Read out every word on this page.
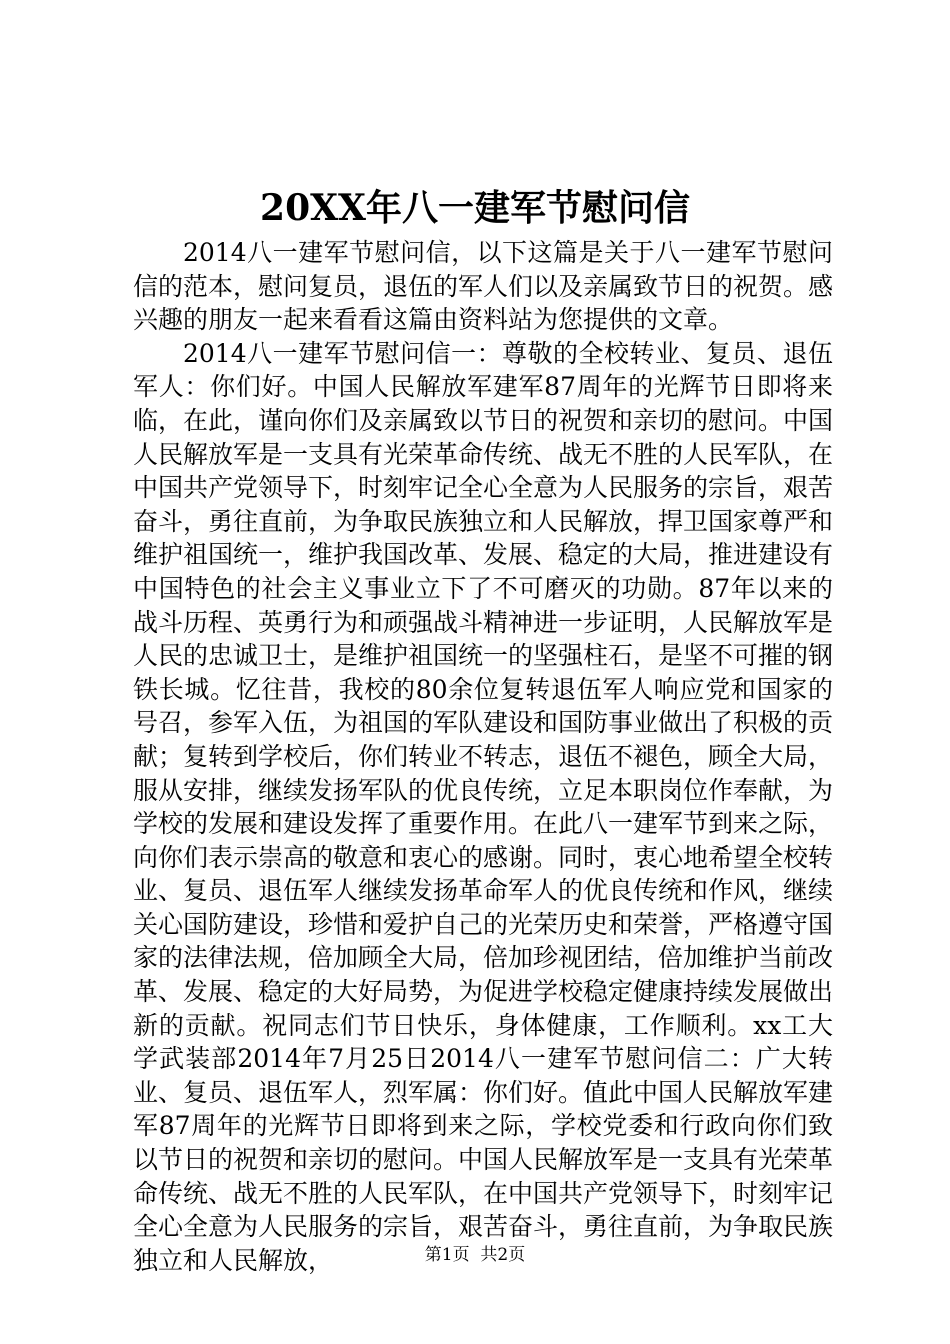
20XX年八一建军节慰问信

2014八一建军节慰问信，以下这篇是关于八一建军节慰问信的范本，慰问复员，退伍的军人们以及亲属致节日的祝贺。感兴趣的朋友一起来看看这篇由资料站为您提供的文章。

2014八一建军节慰问信一：尊敬的全校转业、复员、退伍军人：你们好。中国人民解放军建军87周年的光辉节日即将来临，在此，谨向你们及亲属致以节日的祝贺和亲切的慰问。中国人民解放军是一支具有光荣革命传统、战无不胜的人民军队，在中国共产党领导下，时刻牢记全心全意为人民服务的宗旨，艰苦奋斗，勇往直前，为争取民族独立和人民解放，捍卫国家尊严和维护祖国统一，维护我国改革、发展、稳定的大局，推进建设有中国特色的社会主义事业立下了不可磨灭的功勋。87年以来的战斗历程、英勇行为和顽强战斗精神进一步证明，人民解放军是人民的忠诚卫士，是维护祖国统一的坚强柱石，是坚不可摧的钢铁长城。忆往昔，我校的80余位复转退伍军人响应党和国家的号召，参军入伍，为祖国的军队建设和国防事业做出了积极的贡献；复转到学校后，你们转业不转志，退伍不褪色，顾全大局，服从安排，继续发扬军队的优良传统，立足本职岗位作奉献，为学校的发展和建设发挥了重要作用。在此八一建军节到来之际，向你们表示崇高的敬意和衷心的感谢。同时，衷心地希望全校转业、复员、退伍军人继续发扬革命军人的优良传统和作风，继续关心国防建设，珍惜和爱护自己的光荣历史和荣誉，严格遵守国家的法律法规，倍加顾全大局，倍加珍视团结，倍加维护当前改革、发展、稳定的大好局势，为促进学校稳定健康持续发展做出新的贡献。祝同志们节日快乐，身体健康，工作顺利。xx工大学武装部2014年7月25日2014八一建军节慰问信二：广大转业、复员、退伍军人，烈军属：你们好。值此中国人民解放军建军87周年的光辉节日即将到来之际，学校党委和行政向你们致以节日的祝贺和亲切的慰问。中国人民解放军是一支具有光荣革命传统、战无不胜的人民军队，在中国共产党领导下，时刻牢记全心全意为人民服务的宗旨，艰苦奋斗，勇往直前，为争取民族独立和人民解放，	第1页 共2页
